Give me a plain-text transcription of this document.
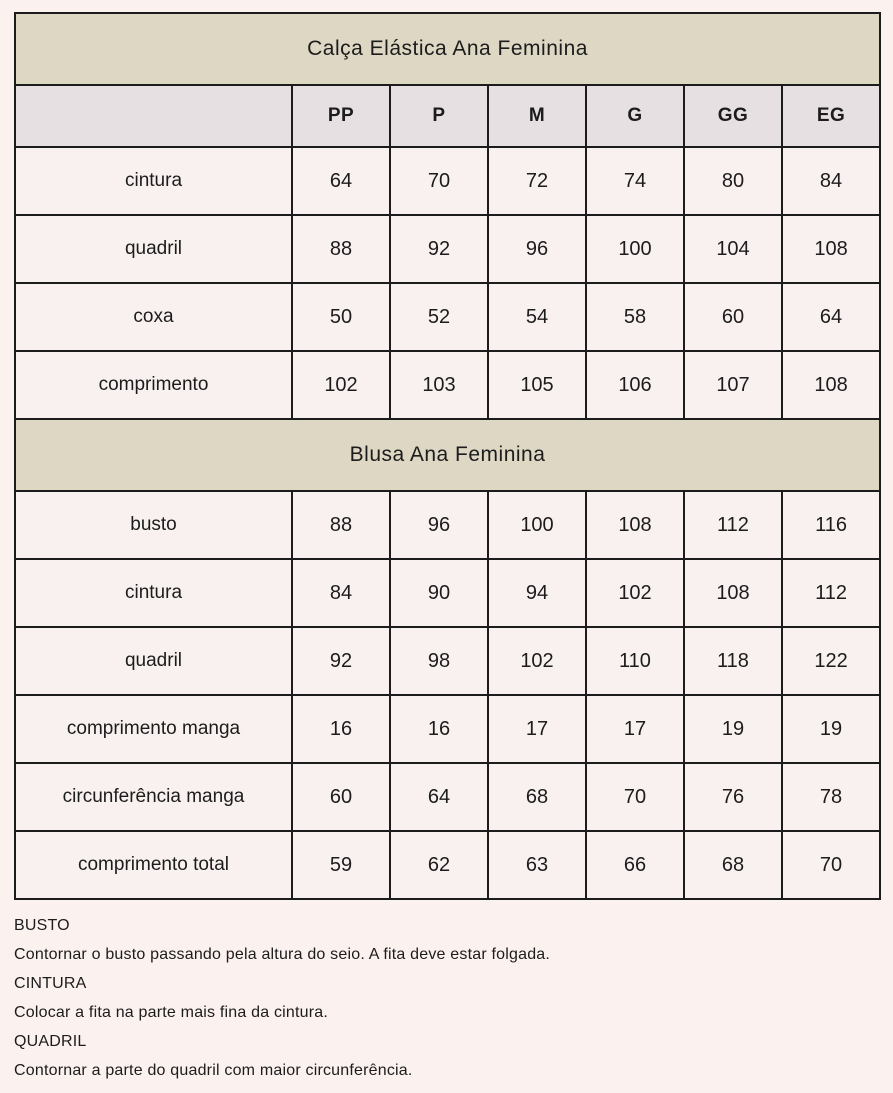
Calça Elástica Ana Feminina						
	PP	P	M	G	GG	EG
cintura	64	70	72	74	80	84
quadril	88	92	96	100	104	108
coxa	50	52	54	58	60	64
comprimento	102	103	105	106	107	108
Blusa Ana Feminina						
busto	88	96	100	108	112	116
cintura	84	90	94	102	108	112
quadril	92	98	102	110	118	122
comprimento manga	16	16	17	17	19	19
circunferência manga	60	64	68	70	76	78
comprimento total	59	62	63	66	68	70
BUSTO
Contornar o busto passando pela altura do seio. A fita deve estar folgada.
CINTURA
Colocar a fita na parte mais fina da cintura.
QUADRIL
Contornar a parte do quadril com maior circunferência.
